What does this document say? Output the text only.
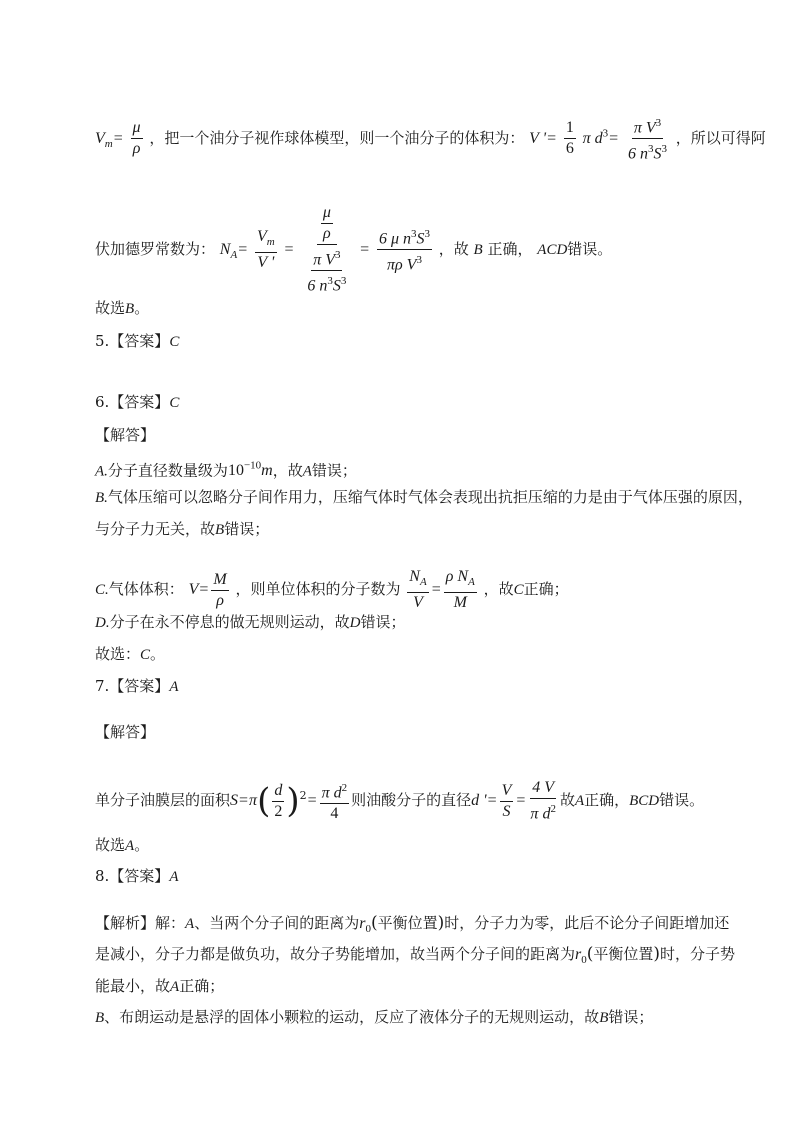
$V_m= \frac{\mu}{\rho}$ ，把一个油分子视作球体模型，则一个油分子的体积为： V '= $\frac{1}{6}$ π $d^3= \frac{\pi V^3}{6 n^3S^3}$ ，所以可得阿
伏加德罗常数为： $N_A= \frac{V_m}{V '} = \frac{\frac{\mu}{\rho}}{\frac{\pi V^3}{6 n^3S^3}} = \frac{6 \mu n^3S^3}{\pi\rho V^3}$ ，故 B 正确， ACD错误。
故选B。
5.【答案】C
6.【答案】C
【解答】
A.分子直径数量级为$10^{-10}m$，故A错误；
B.气体压缩可以忽略分子间作用力，压缩气体时气体会表现出抗拒压缩的力是由于气体压强的原因，
与分子力无关，故B错误；
C.气体体积： $V= \frac{M}{\rho}$ ，则单位体积的分子数为 $\frac{N_A}{V} = \frac{\rho N_A}{M}$ ，故C正确；
D.分子在永不停息的做无规则运动，故D错误；
故选：C。
7.【答案】A
【解答】
单分子油膜层的面积$S=\pi( \frac{d}{2} )^2= \frac{\pi d^2}{4}$ 则油酸分子的直径d '= $\frac{V}{S} = \frac{4 V}{\pi d^2}$ 故A正确，BCD错误。
故选A。
8.【答案】A
【解析】解：A、当两个分子间的距离为$r_0$(平衡位置)时，分子力为零，此后不论分子间距增加还
是减小，分子力都是做负功，故分子势能增加，故当两个分子间的距离为$r_0$(平衡位置)时，分子势
能最小，故A正确；
B、布朗运动是悬浮的固体小颗粒的运动，反应了液体分子的无规则运动，故B错误；
